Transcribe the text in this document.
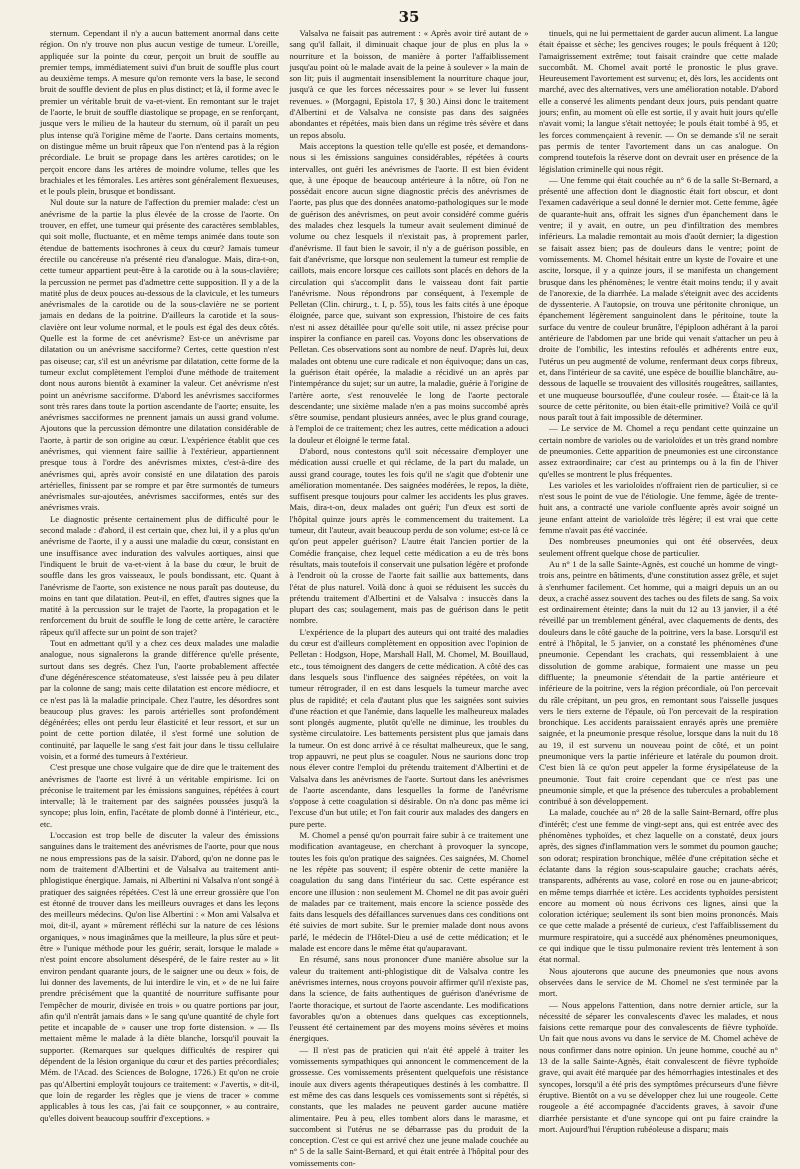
35

sternum. Cependant il n'y a aucun battement anormal dans cette région. On n'y trouve non plus aucun vestige de tumeur. L'oreille, appliquée sur la pointe du cœur, perçoit un bruit de souffle au premier temps, immédiatement suivi d'un bruit de souffle plus court au deuxième temps. A mesure qu'on remonte vers la base, le second bruit de souffle devient de plus en plus distinct; et là, il forme avec le premier un véritable bruit de va-et-vient. En remontant sur le trajet de l'aorte, le bruit de souffle diastolique se propage, en se renforçant, jusque vers le milieu de la hauteur du sternum, où il paraît un peu plus intense qu'à l'origine même de l'aorte. Dans certains moments, on distingue même un bruit râpeux que l'on n'entend pas à la région précordiale. Le bruit se propage dans les artères carotides; on le perçoit encore dans les artères de moindre volume, telles que les brachiales et les fémorales. Les artères sont généralement flexueuses, et le pouls plein, brusque et bondissant.

Nul doute sur la nature de l'affection du premier malade: c'est un anévrisme de la partie la plus élevée de la crosse de l'aorte. On trouver, en effet, une tumeur qui présente des caractères semblables, qui soit molle, fluctuante, et en même temps animée dans toute son étendue de battements isochrones à ceux du cœur? Jamais tumeur érectile ou cancéreuse n'a présenté rieu d'analogue. Mais, dira-t-on, cette tumeur appartient peut-être à la carotide ou à la sous-clavière; la percussion ne permet pas d'admettre cette supposition. Il y a de la matité plus de deux pouces au-dessous de la clavicule, et les tumeurs anévrismales de la carotide ou de la sous-clavière ne se portent jamais en dedans de la poitrine. D'ailleurs la carotide et la sous-clavière ont leur volume normal, et le pouls est égal des deux côtés. Quelle est la forme de cet anévrisme? Est-ce un anévrisme par dilatation ou un anévrisme sacciforme? Certes, cette question n'est pas oiseuse; car, s'il est un anévrisme par dilatation, cette forme de la tumeur exclut complètement l'emploi d'une méthode de traitement dont nous aurons bientôt à examiner la valeur. Cet anévrisme n'est point un anévrisme sacciforme. D'abord les anévrismes sacciformes sont très rares dans toute la portion ascendante de l'aorte; ensuite, les anévrismes sacciformes ne prennent jamais un aussi grand volume. Ajoutons que la percussion démontre une dilatation considérable de l'aorte, à partir de son origine au cœur. L'expérience établit que ces anévrismes, qui viennent faire saillie à l'extérieur, appartiennent presque tous à l'ordre des anévrismes mixtes, c'est-à-dire des anévrismes qui, après avoir consisté en une dilatation des parois artérielles, finissent par se rompre et par être surmontés de tumeurs anévrismales sur-ajoutées, anévrismes sacciformes, entés sur des anévrismes vrais.

Le diagnostic présente certainement plus de difficulté pour le second malade : d'abord, il est certain que, chez lui, il y a plus qu'un anévrisme de l'aorte, il y a aussi une maladie du cœur, consistant en une insuffisance avec induration des valvules aortiques, ainsi que l'indiquent le bruit de va-et-vient à la base du cœur, le bruit de souffle dans les gros vaisseaux, le pouls bondissant, etc. Quant à l'anévrisme de l'aorte, son existence ne nous paraît pas douteuse, du moins en tant que dilatation. Peut-il, en effet, d'autres signes que la matité à la percussion sur le trajet de l'aorte, la propagation et le renforcement du bruit de souffle le long de cette artère, le caractère râpeux qu'il affecte sur un point de son trajet?

Tout en admettant qu'il y a chez ces deux malades une maladie analogue, nous signalerons la grande différence qu'elle présente, surtout dans ses degrés. Chez l'un, l'aorte probablement affectée d'une dégénérescence stéatomateuse, s'est laissée peu à peu dilater par la colonne de sang; mais cette dilatation est encore médiocre, et ce n'est pas là la maladie principale. Chez l'autre, les désordres sont beaucoup plus graves: les parois artérielles sont profondément dégénérées; elles ont perdu leur élasticité et leur ressort, et sur un point de cette portion dilatée, il s'est formé une solution de continuité, par laquelle le sang s'est fait jour dans le tissu cellulaire voisin, et a formé des tumeurs à l'extérieur.

C'est presque une chose vulgaire que de dire que le traitement des anévrismes de l'aorte est livré à un véritable empirisme. Ici on préconise le traitement par les émissions sanguines, répétées à court intervalle; là le traitement par des saignées poussées jusqu'à la syncope; plus loin, enfin, l'acétate de plomb donné à l'intérieur, etc., etc.

L'occasion est trop belle de discuter la valeur des émissions sanguines dans le traitement des anévrismes de l'aorte, pour que nous ne nous empressions pas de la saisir. D'abord, qu'on ne donne pas le nom de traitement d'Albertini et de Valsalva au traitement anti-phlogistique énergique. Jamais, ni Albertini ni Valsalva n'ont songé à pratiquer des saignées répétées. C'est là une erreur grossière que l'on est étonné de trouver dans les meilleurs ouvrages et dans les leçons des meilleurs médecins. Qu'on lise Albertini : « Mon ami Valsalva et moi, dit-il, ayant » mûrement réfléchi sur la nature de ces lésions organiques, » nous imaginâmes que la meilleure, la plus sûre et peut-être » l'unique méthode pour les guérir, serait, lorsque le malade » n'est point encore absolument désespéré, de le faire rester au » lit environ pendant quarante jours, de le saigner une ou deux » fois, de lui donner des lavements, de lui interdire le vin, et » de ne lui faire prendre précisément que la quantité de nourriture suffisante pour l'empêcher de mourir, divisée en trois » ou quatre portions par jour, afin qu'il n'entrât jamais dans » le sang qu'une quantité de chyle fort petite et incapable de » causer une trop forte distension. » — Ils mettaient même le malade à la diète blanche, lorsqu'il pouvait la supporter. (Remarques sur quelques difficultés de respirer qui dépendent de la lésion organique du cœur et des parties précordiales; Mém. de l'Acad. des Sciences de Bologne, 1726.) Et qu'on ne croie pas qu'Albertini employât toujours ce traitement: « J'avertis, » dit-il, que loin de regarder les règles que je viens de tracer » comme applicables à tous les cas, j'ai fait ce soupçonner, » au contraire, qu'elles doivent beaucoup souffrir d'exceptions. »

Valsalva ne faisait pas autrement : « Après avoir tiré autant de » sang qu'il fallait, il diminuait chaque jour de plus en plus la » nourriture et la boisson, de manière à porter l'affaiblissement jusqu'au point où le malade avait de la peine à soulever » la main de son lit; puis il augmentait insensiblement la nourriture chaque jour, jusqu'à ce que les forces nécessaires pour » se lever lui fussent revenues. » (Morgagni, Epistola 17, § 30.) Ainsi donc le traitement d'Albertini et de Valsalva ne consiste pas dans des saignées abondantes et répétées, mais bien dans un régime très sévère et dans un repos absolu.

Mais acceptons la question telle qu'elle est posée, et demandons-nous si les émissions sanguines considérables, répétées à courts intervalles, ont guéri les anévrismes de l'aorte. Il est bien évident que, à une époque de beaucoup antérieure à la nôtre, où l'on ne possédait encore aucun signe diagnostic précis des anévrismes de l'aorte, pas plus que des données anatomo-pathologiques sur le mode de guérison des anévrismes, on peut avoir considéré comme guéris des malades chez lesquels la tumeur avait seulement diminué de volume ou chez lesquels il n'existait pas, à proprement parler, d'anévrisme. Il faut bien le savoir, il n'y a de guérison possible, en fait d'anévrisme, que lorsque non seulement la tumeur est remplie de caillots, mais encore lorsque ces caillots sont placés en dehors de la circulation qui s'accomplit dans le vaisseau dont fait partie l'anévrisme. Nous répondrons par conséquent, à l'exemple de Pelletan (Clin. chirurg., t. I, p. 55), tous les faits cités à une époque éloignée, parce que, suivant son expression, l'histoire de ces faits n'est ni assez détaillée pour qu'elle soit utile, ni assez précise pour inspirer la confiance en pareil cas. Voyons donc les observations de Pelletan. Ces observations sont au nombre de neuf. D'après lui, deux malades ont obtenu une cure radicale et non équivoque; dans un cas, la guérison était opérée, la maladie a récidivé un an après par l'intempérance du sujet; sur un autre, la maladie, guérie à l'origine de l'artère aorte, s'est renouvelée le long de l'aorte pectorale descendante; une sixième malade n'en a pas moins succombé après s'être soumise, pendant plusieurs années, avec le plus grand courage, à l'emploi de ce traitement; chez les autres, cette médication a adouci la douleur et éloigné le terme fatal.

D'abord, nous contestons qu'il soit nécessaire d'employer une médication aussi cruelle et qui réclame, de la part du malade, un aussi grand courage, toutes les fois qu'il ne s'agit que d'obtenir une amélioration momentanée. Des saignées modérées, le repos, la diète, suffisent presque toujours pour calmer les accidents les plus graves. Mais, dira-t-on, deux malades ont guéri; l'un d'eux est sorti de l'hôpital quinze jours après le commencement du traitement. La tumeur, dit l'auteur, avait beaucoup perdu de son volume; est-ce là ce qu'on peut appeler guérison? L'autre était l'ancien portier de la Comédie française, chez lequel cette médication a eu de très bons résultats, mais toutefois il conservait une pulsation légère et profonde à l'endroit où la crosse de l'aorte fait saillie aux battements, dans l'état de plus naturel. Voilà donc à quoi se réduisent les succès du prétendu traitement d'Albertini et de Valsalva : insuccès dans la plupart des cas; soulagement, mais pas de guérison dans le petit nombre.

L'expérience de la plupart des auteurs qui ont traité des maladies du cœur est d'ailleurs complètement en opposition avec l'opinion de Pelletan : Hodgson, Hope, Marshall Hall, M. Chomel, M. Bouillaud, etc., tous témoignent des dangers de cette médication. A côté des cas dans lesquels sous l'influence des saignées répétées, on voit la tumeur rétrograder, il en est dans lesquels la tumeur marche avec plus de rapidité; et cela d'autant plus que les saignées sont suivies d'une réaction et que l'anémie, dans laquelle les malheureux malades sont plongés augmente, plutôt qu'elle ne diminue, les troubles du système circulatoire. Les battements persistent plus que jamais dans la tumeur. On est donc arrivé à ce résultat malheureux, que le sang, trop appauvri, ne peut plus se coaguler. Nous ne saurions donc trop nous élever contre l'emploi du prétendu traitement d'Albertini et de Valsalva dans les anévrismes de l'aorte. Surtout dans les anévrismes de l'aorte ascendante, dans lesquelles la forme de l'anévrisme s'oppose à cette coagulation si désirable. On n'a donc pas même ici l'excuse d'un but utile; et l'on fait courir aux malades des dangers en pure perte.

M. Chomel a pensé qu'on pourrait faire subir à ce traitement une modification avantageuse, en cherchant à provoquer la syncope, toutes les fois qu'on pratique des saignées. Ces saignées, M. Chomel ne les répète pas souvent; il espère obtenir de cette manière la coagulation du sang dans l'intérieur du sac. Cette espérance est encore une illusion : non seulement M. Chomel ne dit pas avoir guéri de malades par ce traitement, mais encore la science possède des faits dans lesquels des défaillances survenues dans ces conditions ont été suivies de mort subite. Sur le premier malade dont nous avons parlé, le médecin de l'Hôtel-Dieu a usé de cette médication; et le malade est encore dans le même état qu'auparavant.

En résumé, sans nous prononcer d'une manière absolue sur la valeur du traitement anti-phlogistique dit de Valsalva contre les anévrismes internes, nous croyons pouvoir affirmer qu'il n'existe pas, dans la science, de faits authentiques de guérison d'anévrisme de l'aorte thoracique, et surtout de l'aorte ascendante. Les modifications favorables qu'on a obtenues dans quelques cas exceptionnels, l'eussent été certainement par des moyens moins sévères et moins énergiques.

— Il n'est pas de praticien qui n'ait été appelé à traiter les vomissements sympathiques qui annoncent le commencement de la grossesse. Ces vomissements présentent quelquefois une résistance inouïe aux divers agents thérapeutiques destinés à les combattre. Il est même des cas dans lesquels ces vomissements sont si répétés, si constants, que les malades ne peuvent garder aucune matière alimentaire. Peu à peu, elles tombent alors dans le marasme, et succombent si l'utérus ne se débarrasse pas du produit de la conception. C'est ce qui est arrivé chez une jeune malade couchée au n° 5 de la salle Saint-Bernard, et qui était entrée à l'hôpital pour des vomissements con-

tinuels, qui ne lui permettaient de garder aucun aliment. La langue était épaisse et sèche; les gencives rouges; le pouls fréquent à 120; l'amaigrissement extrême; tout faisait craindre que cette malade succombât. M. Chomel avait porté le pronostic le plus grave. Heureusement l'avortement est survenu; et, dès lors, les accidents ont marché, avec des alternatives, vers une amélioration notable. D'abord elle a conservé les aliments pendant deux jours, puis pendant quatre jours; enfin, au moment où elle est sortie, il y avait huit jours qu'elle n'avait vomi; la langue s'était nettoyée; le pouls était tombé à 95, et les forces commençaient à revenir. — On se demande s'il ne serait pas permis de tenter l'avortement dans un cas analogue. On comprend toutefois la réserve dont on devrait user en présence de la législation criminelle qui nous régit.

— Une femme qui était couchée au n° 6 de la salle St-Bernard, a présenté une affection dont le diagnostic était fort obscur, et dont l'examen cadavérique a seul donné le dernier mot. Cette femme, âgée de quarante-huit ans, offrait les signes d'un épanchement dans le ventre; il y avait, en outre, un peu d'infiltration des membres inférieurs. La maladie remontait au mois d'août dernier; la digestion se faisait assez bien; pas de douleurs dans le ventre; point de vomissements. M. Chomel hésitait entre un kyste de l'ovaire et une ascite, lorsque, il y a quinze jours, il se manifesta un changement brusque dans les phénomènes; le ventre était moins tendu; il y avait de l'anorexie, de la diarrhée. La malade s'éteignit avec des accidents de dyssenterie. A l'autopsie, on trouva une péritonite chronique, un épanchement légèrement sanguinolent dans le péritoine, toute la surface du ventre de couleur brunâtre, l'épiploon adhérant à la paroi antérieure de l'abdomen par une bride qui venait s'attacher un peu à droite de l'ombilic, les intestins refoulés et adhérents entre eux, l'utérus un peu augmenté de volume, renfermant deux corps fibreux, et, dans l'intérieur de sa cavité, une espèce de bouillie blanchâtre, au-dessous de laquelle se trouvaient des villosités rougeâtres, saillantes, et une muqueuse boursouflée, d'une couleur rosée. — Était-ce là la source de cette péritonite, ou bien était-elle primitive? Voilà ce qu'il nous paraît tout à fait impossible de déterminer.

— Le service de M. Chomel a reçu pendant cette quinzaine un certain nombre de varioles ou de varioloïdes et un très grand nombre de pneumonies. Cette apparition de pneumonies est une circonstance assez extraordinaire; car c'est au printemps ou à la fin de l'hiver qu'elles se montrent le plus fréquentes.

Les varioles et les varioloïdes n'offraient rien de particulier, si ce n'est sous le point de vue de l'étiologie. Une femme, âgée de trente-huit ans, a contracté une variole confluente après avoir soigné un jeune enfant atteint de varioloïde très légère; il est vrai que cette femme n'avait pas été vaccinée.

Des nombreuses pneumonies qui ont été observées, deux seulement offrent quelque chose de particulier.

Au n° 1 de la salle Sainte-Agnès, est couché un homme de vingt-trois ans, peintre en bâtiments, d'une constitution assez grêle, et sujet à s'enrhumer facilement. Cet homme, qui a maigri depuis un an ou deux, a craché assez souvent des taches ou des filets de sang. Sa voix est ordinairement éteinte; dans la nuit du 12 au 13 janvier, il a été réveillé par un tremblement général, avec claquements de dents, des douleurs dans le côté gauche de la poitrine, vers la base. Lorsqu'il est entré à l'hôpital, le 5 janvier, on a constaté les phénomènes d'une pneumonie. Cependant les crachats, qui ressemblaient à une dissolution de gomme arabique, formaient une masse un peu diffluente; la pneumonie s'étendait de la partie antérieure et inférieure de la poitrine, vers la région précordiale, où l'on percevait du râle crépitant, un peu gros, en remontant sous l'aisselle jusques vers le tiers externe de l'épaule, où l'on percevait de la respiration bronchique. Les accidents paraissaient enrayés après une première saignée, et la pneumonie presque résolue, lorsque dans la nuit du 18 au 19, il est survenu un nouveau point de côté, et un point pneumonique vers la partie inférieure et latérale du poumon droit. C'est bien là ce qu'on peut appeler la forme érysipélateuse de la pneumonie. Tout fait croire cependant que ce n'est pas une pneumonie simple, et que la présence des tubercules a probablement contribué à son développement.

La malade, couchée au n° 28 de la salle Saint-Bernard, offre plus d'intérêt; c'est une femme de vingt-sept ans, qui est entrée avec des phénomènes typhoïdes, et chez laquelle on a constaté, deux jours après, des signes d'inflammation vers le sommet du poumon gauche; son odorat; respiration bronchique, mêlée d'une crépitation sèche et éclatante dans la région sous-scapulaire gauche; crachats aérés, transparents, adhérents au vase, coloré en rose ou en jaune-abricot; en même temps diarrhée et ictère. Les accidents typhoïdes persistent encore au moment où nous écrivons ces lignes, ainsi que la coloration ictérique; seulement ils sont bien moins prononcés. Mais ce que cette malade a présenté de curieux, c'est l'affaiblissement du murmure respiratoire, qui a succédé aux phénomènes pneumoniques, ce qui indique que le tissu pulmonaire revient très lentement à son état normal.

Nous ajouterons que aucune des pneumonies que nous avons observées dans le service de M. Chomel ne s'est terminée par la mort.

— Nous appelons l'attention, dans notre dernier article, sur la nécessité de séparer les convalescents d'avec les malades, et nous faisions cette remarque pour des convalescents de fièvre typhoïde. Un fait que nous avons vu dans le service de M. Chomel achève de nous confirmer dans notre opinion. Un jeune homme, couché au n° 13 de la salle Sainte-Agnès, était convalescent de fièvre typhoïde grave, qui avait été marquée par des hémorrhagies intestinales et des syncopes, lorsqu'il a été pris des symptômes précurseurs d'une fièvre éruptive. Bientôt on a vu se développer chez lui une rougeole. Cette rougeole a été accompagnée d'accidents graves, à savoir d'une diarrhée persistante et d'une syncope qui ont pu faire craindre la mort. Aujourd'hui l'éruption rubéoleuse a disparu; mais
